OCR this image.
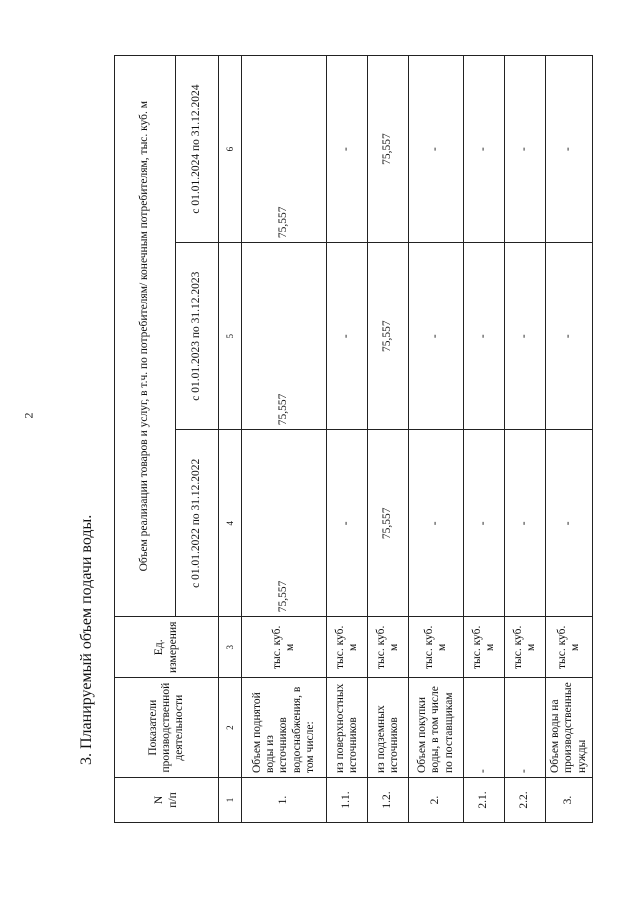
2
3. Планируемый объем подачи воды.
N
п/п	Показатели производственной деятельности	Ед. измерения	Объем реализации товаров и услуг, в т.ч. по потребителям/ конечным потребителям, тыс. куб. м		
			с 01.01.2022 по 31.12.2022	с 01.01.2023 по 31.12.2023	с 01.01.2024 по 31.12.2024
1	2	3	4	5	6
1.	Объем поднятой воды из источников водоснабжения, в том числе:	тыс. куб. м	75,557	75,557	75,557
1.1.	из поверхностных источников	тыс. куб. м	-	-	-
1.2.	из подземных источников	тыс. куб. м	75,557	75,557	75,557
2.	Объем покупки воды, в том числе по поставщикам	тыс. куб. м	-	-	-
2.1.	-	тыс. куб. м	-	-	-
2.2.	-	тыс. куб. м	-	-	-
3.	Объем воды на производственные нужды	тыс. куб. м	-	-	-
